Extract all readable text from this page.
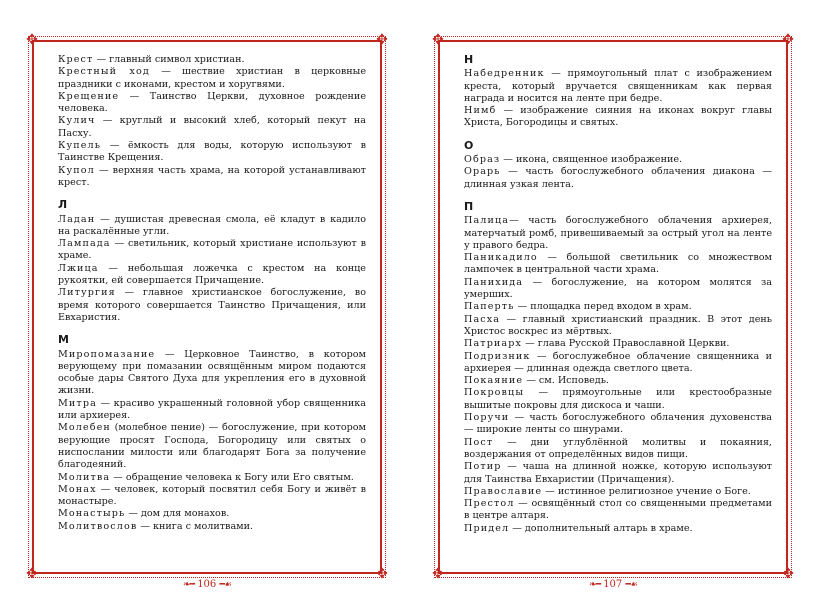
✥	✥
✥	✥

Крест — главный символ христиан.

Крестный ход — шествие христиан в церковные праздники с иконами, крестом и хоругвями.

Крещение — Таинство Церкви, духовное рождение человека.

Кулич — круглый и высокий хлеб, который пекут на Пасху.

Купель — ёмкость для воды, которую используют в Таинстве Крещения.

Купол — верхняя часть храма, на которой устанавливают крест.

Л

Ладан — душистая древесная смола, её кладут в кадило на раскалённые угли.

Лампада — светильник, который христиане используют в храме.

Лжица — небольшая ложечка с крестом на конце рукоятки, ей совершается Причащение.

Литургия — главное христианское богослужение, во время которого совершается Таинство Причащения, или Евхаристия.

М

Миропомазание — Церковное Таинство, в котором верующему при помазании освящённым миром подаются особые дары Святого Духа для укрепления его в духовной жизни.

Митра — красиво украшенный головной убор священника или архиерея.

Молебен (молебное пение) — богослужение, при котором верующие просят Господа, Богородицу или святых о ниспослании милости или благодарят Бога за получение благодеяний.

Молитва — обращение человека к Богу или Его святым.

Монах — человек, который посвятил себя Богу и живёт в монастыре.

Монастырь — дом для монахов.

Молитвослов — книга с молитвами.

❧━ 106 ━☙
✥	✥
✥	✥
Н

Набедренник — прямоугольный плат с изображением креста, который вручается священникам как первая награда и носится на ленте при бедре.

Нимб — изображение сияния на иконах вокруг главы Христа, Богородицы и святых.

О

Образ — икона, священное изображение.

Орарь — часть богослужебного облачения диакона — длинная узкая лента.

П

Палица— часть богослужебного облачения архиерея, матерчатый ромб, привешиваемый за острый угол на ленте у правого бедра.

Паникадило — большой светильник со множеством лампочек в центральной части храма.

Панихида — богослужение, на котором молятся за умерших.

Паперть — площадка перед входом в храм.

Пасха — главный христианский праздник. В этот день Христос воскрес из мёртвых.

Патриарх — глава Русской Православной Церкви.

Подризник — богослужебное облачение священника и архиерея — длинная одежда светлого цвета.

Покаяние — см. Исповедь.

Покровцы — прямоугольные или крестообразные вышитые покровы для дискоса и чаши.

Поручи — часть богослужебного облачения духовенства — широкие ленты со шнурами.

Пост — дни углублённой молитвы и покаяния, воздержания от определённых видов пищи.

Потир — чаша на длинной ножке, которую используют для Таинства Евхаристии (Причащения).

Православие — истинное религиозное учение о Боге.

Престол — освящённый стол со священными предметами в центре алтаря.

Придел — дополнительный алтарь в храме.

❧━ 107 ━☙
